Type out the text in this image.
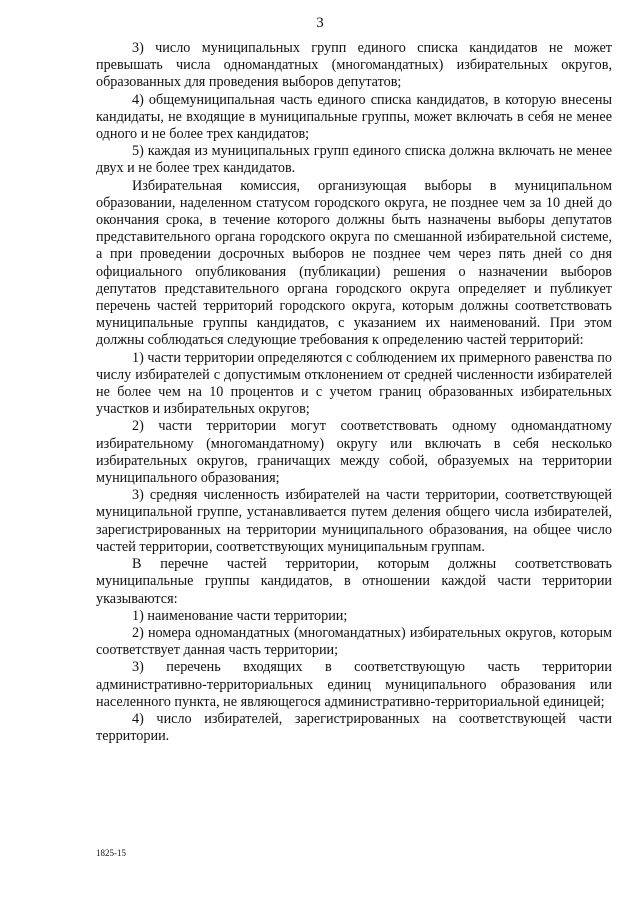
3

3) число муниципальных групп единого списка кандидатов не может превышать числа одномандатных (многомандатных) избирательных округов, образованных для проведения выборов депутатов;

4) общемуниципальная часть единого списка кандидатов, в которую внесены кандидаты, не входящие в муниципальные группы, может включать в себя не менее одного и не более трех кандидатов;

5) каждая из муниципальных групп единого списка должна включать не менее двух и не более трех кандидатов.

Избирательная комиссия, организующая выборы в муниципальном образовании, наделенном статусом городского округа, не позднее чем за 10 дней до окончания срока, в течение которого должны быть назначены выборы депутатов представительного органа городского округа по смешанной избирательной системе, а при проведении досрочных выборов не позднее чем через пять дней со дня официального опубликования (публикации) решения о назначении выборов депутатов представительного органа городского округа определяет и публикует перечень частей территорий городского округа, которым должны соответствовать муниципальные группы кандидатов, с указанием их наименований. При этом должны соблюдаться следующие требования к определению частей территорий:

1) части территории определяются с соблюдением их примерного равенства по числу избирателей с допустимым отклонением от средней численности избирателей не более чем на 10 процентов и с учетом границ образованных избирательных участков и избирательных округов;

2) части территории могут соответствовать одному одномандатному избирательному (многомандатному) округу или включать в себя несколько избирательных округов, граничащих между собой, образуемых на территории муниципального образования;

3) средняя численность избирателей на части территории, соответствующей муниципальной группе, устанавливается путем деления общего числа избирателей, зарегистрированных на территории муниципального образования, на общее число частей территории, соответствующих муниципальным группам.

В перечне частей территории, которым должны соответствовать муниципальные группы кандидатов, в отношении каждой части территории указываются:

1) наименование части территории;

2) номера одномандатных (многомандатных) избирательных округов, которым соответствует данная часть территории;

3) перечень входящих в соответствующую часть территории административно-территориальных единиц муниципального образования или населенного пункта, не являющегося административно-территориальной единицей;

4) число избирателей, зарегистрированных на соответствующей части территории.

1825-15
